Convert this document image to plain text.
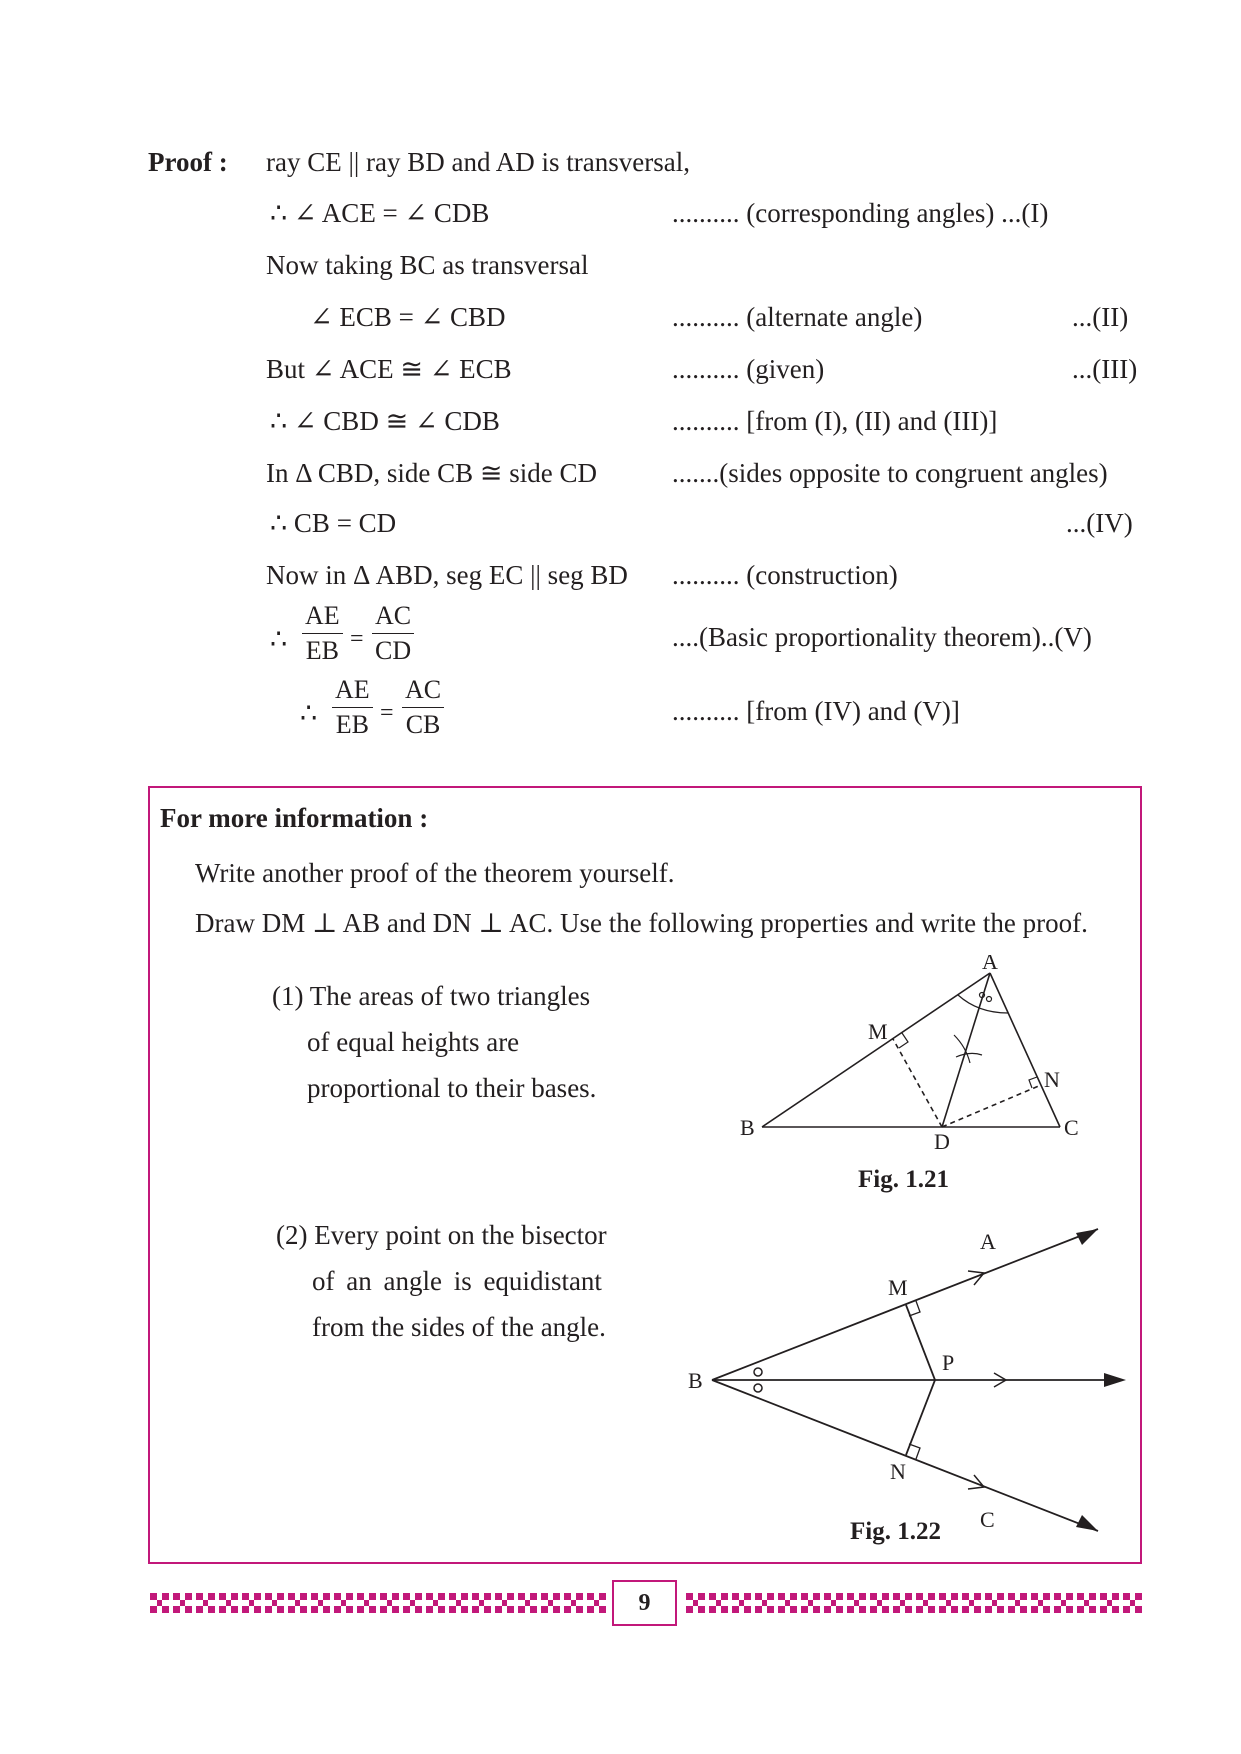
Proof : ray CE || ray BD and AD is transversal,
∴ ∠ ACE = ∠ CDB	.......... (corresponding angles) ...(I)
Now taking BC as transversal
∠ ECB = ∠ CBD	.......... (alternate angle)	...(II)
But ∠ ACE ≅ ∠ ECB	.......... (given)	...(III)
∴ ∠ CBD ≅ ∠ CDB	.......... [from (I), (II) and (III)]
In Δ CBD, side CB ≅ side CD	.......(sides opposite to congruent angles)
∴ CB = CD	...(IV)
Now in Δ ABD, seg EC || seg BD .......... (construction)
∴ $\frac{AE}{EB} = \frac{AC}{CD}$	....(Basic proportionality theorem)..(V)
∴ $\frac{AE}{EB} = \frac{AC}{CB}$	.......... [from (IV) and (V)]
For more information :
Write another proof of the theorem yourself.
Draw DM ⊥ AB and DN ⊥ AC. Use the following properties and write the proof.
(1) The areas of two triangles
of equal heights are
proportional to their bases.
(2) Every point on the bisector
of an angle is equidistant
from the sides of the angle.
A
B	C
D
M
N
Fig. 1.21
A
B
C
M
N
P
Fig. 1.22
9
